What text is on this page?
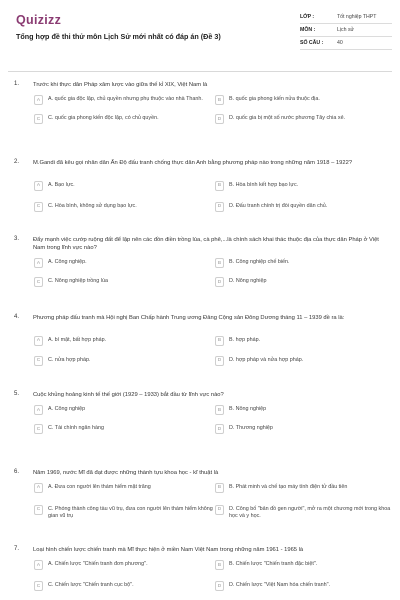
Quizizz
Tổng hợp đề thi thử môn Lịch Sử mới nhất có đáp án (Đề 3)
LỚP :	Tốt nghiệp THPT
MÔN :	Lịch sử
SỐ CÂU :	40
1. Trước khi thực dân Pháp xâm lược vào giữa thế kỉ XIX, Việt Nam là
A	A. quốc gia độc lập, chủ quyền nhưng phụ thuộc vào nhà Thanh.	B	B. quốc gia phong kiến nửa thuộc địa.
C	C. quốc gia phong kiến độc lập, có chủ quyền.	D	D. quốc gia bị một số nước phương Tây chia xẻ.
2. M.Gandi đã kêu gọi nhân dân Ấn Độ đấu tranh chống thực dân Anh bằng phương pháp nào trong những năm 1918 – 1922?
A	A. Bạo lực.	B	B. Hòa bình kết hợp bạo lực.
C	C. Hòa bình, không sử dụng bạo lực.	D	D. Đấu tranh chính trị đòi quyền dân chủ.
3. Đẩy mạnh việc cướp ruộng đất để lập nên các đồn điền trồng lúa, cà phê,...là chính sách khai thác thuộc địa của thực dân Pháp ở Việt Nam trong lĩnh vực nào?
A	A. Công nghiệp.	B	B. Công nghiệp chế biến.
C	C. Nông nghiệp trồng lúa	D	D. Nông nghiệp
4. Phương pháp đấu tranh mà Hội nghị Ban Chấp hành Trung ương Đảng Cộng sản Đông Dương tháng 11 – 1939 đề ra là:
A	A. bí mật, bất hợp pháp.	B	B. hợp pháp.
C	C. nửa hợp pháp.	D	D. hợp pháp và nửa hợp pháp.
5. Cuộc khủng hoảng kinh tế thế giới (1929 – 1933) bắt đầu từ lĩnh vực nào?
A	A. Công nghiệp	B	B. Nông nghiệp
C	C. Tài chính ngân hàng	D	D. Thương nghiệp
6. Năm 1969, nước Mĩ đã đạt được những thành tựu khoa học - kĩ thuật là
A	A. Đưa con người lên thám hiểm mặt trăng	B	B. Phát minh và chế tạo máy tính điện tử đầu tiên
C	C. Phóng thành công tàu vũ trụ, đưa con người lên thám hiểm không gian vũ trụ
D	D. Công bố "bản đồ gen người", mở ra một chương mới trong khoa học và y học.
7. Loại hình chiến lược chiến tranh mà Mĩ thực hiện ở miền Nam Việt Nam trong những năm 1961 - 1965 là
A	A. Chiến lược "Chiến tranh đơn phương".	B	B. Chiến lược "Chiến tranh đặc biệt".
C	C. Chiến lược "Chiến tranh cục bộ".	D	D. Chiến lược "Việt Nam hóa chiến tranh".
